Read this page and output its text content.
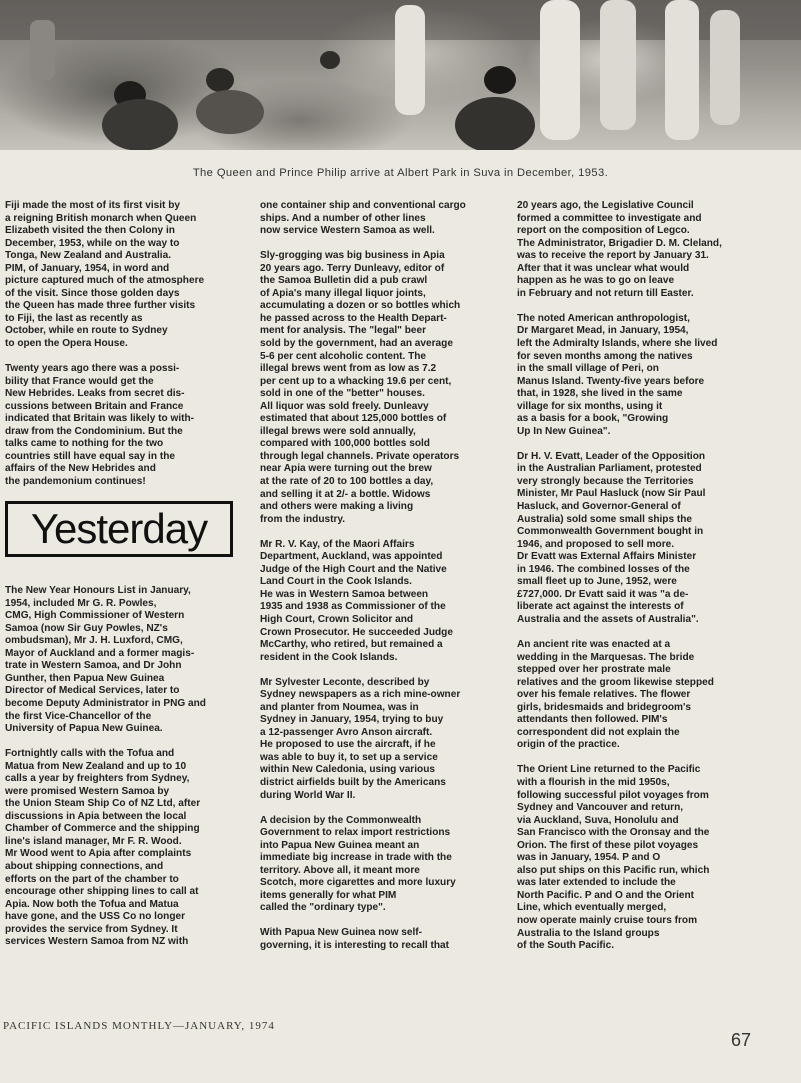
The Queen and Prince Philip arrive at Albert Park in Suva in December, 1953.

Fiji made the most of its first visit by
a reigning British monarch when Queen
Elizabeth visited the then Colony in
December, 1953, while on the way to
Tonga, New Zealand and Australia.
PIM, of January, 1954, in word and
picture captured much of the atmosphere
of the visit. Since those golden days
the Queen has made three further visits
to Fiji, the last as recently as
October, while en route to Sydney
to open the Opera House.

Twenty years ago there was a possi-
bility that France would get the
New Hebrides. Leaks from secret dis-
cussions between Britain and France
indicated that Britain was likely to with-
draw from the Condominium. But the
talks came to nothing for the two
countries still have equal say in the
affairs of the New Hebrides and
the pandemonium continues!

Yesterday

The New Year Honours List in January,
1954, included Mr G. R. Powles,
CMG, High Commissioner of Western
Samoa (now Sir Guy Powles, NZ's
ombudsman), Mr J. H. Luxford, CMG,
Mayor of Auckland and a former magis-
trate in Western Samoa, and Dr John
Gunther, then Papua New Guinea
Director of Medical Services, later to
become Deputy Administrator in PNG and
the first Vice-Chancellor of the
University of Papua New Guinea.

Fortnightly calls with the Tofua and
Matua from New Zealand and up to 10
calls a year by freighters from Sydney,
were promised Western Samoa by
the Union Steam Ship Co of NZ Ltd, after
discussions in Apia between the local
Chamber of Commerce and the shipping
line's island manager, Mr F. R. Wood.
Mr Wood went to Apia after complaints
about shipping connections, and
efforts on the part of the chamber to
encourage other shipping lines to call at
Apia. Now both the Tofua and Matua
have gone, and the USS Co no longer
provides the service from Sydney. It
services Western Samoa from NZ with

one container ship and conventional cargo
ships. And a number of other lines
now service Western Samoa as well.

Sly-grogging was big business in Apia
20 years ago. Terry Dunleavy, editor of
the Samoa Bulletin did a pub crawl
of Apia's many illegal liquor joints,
accumulating a dozen or so bottles which
he passed across to the Health Depart-
ment for analysis. The "legal" beer
sold by the government, had an average
5-6 per cent alcoholic content. The
illegal brews went from as low as 7.2
per cent up to a whacking 19.6 per cent,
sold in one of the "better" houses.
All liquor was sold freely. Dunleavy
estimated that about 125,000 bottles of
illegal brews were sold annually,
compared with 100,000 bottles sold
through legal channels. Private operators
near Apia were turning out the brew
at the rate of 20 to 100 bottles a day,
and selling it at 2/- a bottle. Widows
and others were making a living
from the industry.

Mr R. V. Kay, of the Maori Affairs
Department, Auckland, was appointed
Judge of the High Court and the Native
Land Court in the Cook Islands.
He was in Western Samoa between
1935 and 1938 as Commissioner of the
High Court, Crown Solicitor and
Crown Prosecutor. He succeeded Judge
McCarthy, who retired, but remained a
resident in the Cook Islands.

Mr Sylvester Leconte, described by
Sydney newspapers as a rich mine-owner
and planter from Noumea, was in
Sydney in January, 1954, trying to buy
a 12-passenger Avro Anson aircraft.
He proposed to use the aircraft, if he
was able to buy it, to set up a service
within New Caledonia, using various
district airfields built by the Americans
during World War II.

A decision by the Commonwealth
Government to relax import restrictions
into Papua New Guinea meant an
immediate big increase in trade with the
territory. Above all, it meant more
Scotch, more cigarettes and more luxury
items generally for what PIM
called the "ordinary type".

With Papua New Guinea now self-
governing, it is interesting to recall that

20 years ago, the Legislative Council
formed a committee to investigate and
report on the composition of Legco.
The Administrator, Brigadier D. M. Cleland,
was to receive the report by January 31.
After that it was unclear what would
happen as he was to go on leave
in February and not return till Easter.

The noted American anthropologist,
Dr Margaret Mead, in January, 1954,
left the Admiralty Islands, where she lived
for seven months among the natives
in the small village of Peri, on
Manus Island. Twenty-five years before
that, in 1928, she lived in the same
village for six months, using it
as a basis for a book, "Growing
Up In New Guinea".

Dr H. V. Evatt, Leader of the Opposition
in the Australian Parliament, protested
very strongly because the Territories
Minister, Mr Paul Hasluck (now Sir Paul
Hasluck, and Governor-General of
Australia) sold some small ships the
Commonwealth Government bought in
1946, and proposed to sell more.
Dr Evatt was External Affairs Minister
in 1946. The combined losses of the
small fleet up to June, 1952, were
£727,000. Dr Evatt said it was "a de-
liberate act against the interests of
Australia and the assets of Australia".

An ancient rite was enacted at a
wedding in the Marquesas. The bride
stepped over her prostrate male
relatives and the groom likewise stepped
over his female relatives. The flower
girls, bridesmaids and bridegroom's
attendants then followed. PIM's
correspondent did not explain the
origin of the practice.

The Orient Line returned to the Pacific
with a flourish in the mid 1950s,
following successful pilot voyages from
Sydney and Vancouver and return,
via Auckland, Suva, Honolulu and
San Francisco with the Oronsay and the
Orion. The first of these pilot voyages
was in January, 1954. P and O
also put ships on this Pacific run, which
was later extended to include the
North Pacific. P and O and the Orient
Line, which eventually merged,
now operate mainly cruise tours from
Australia to the Island groups
of the South Pacific.

PACIFIC ISLANDS MONTHLY—JANUARY, 1974
67
